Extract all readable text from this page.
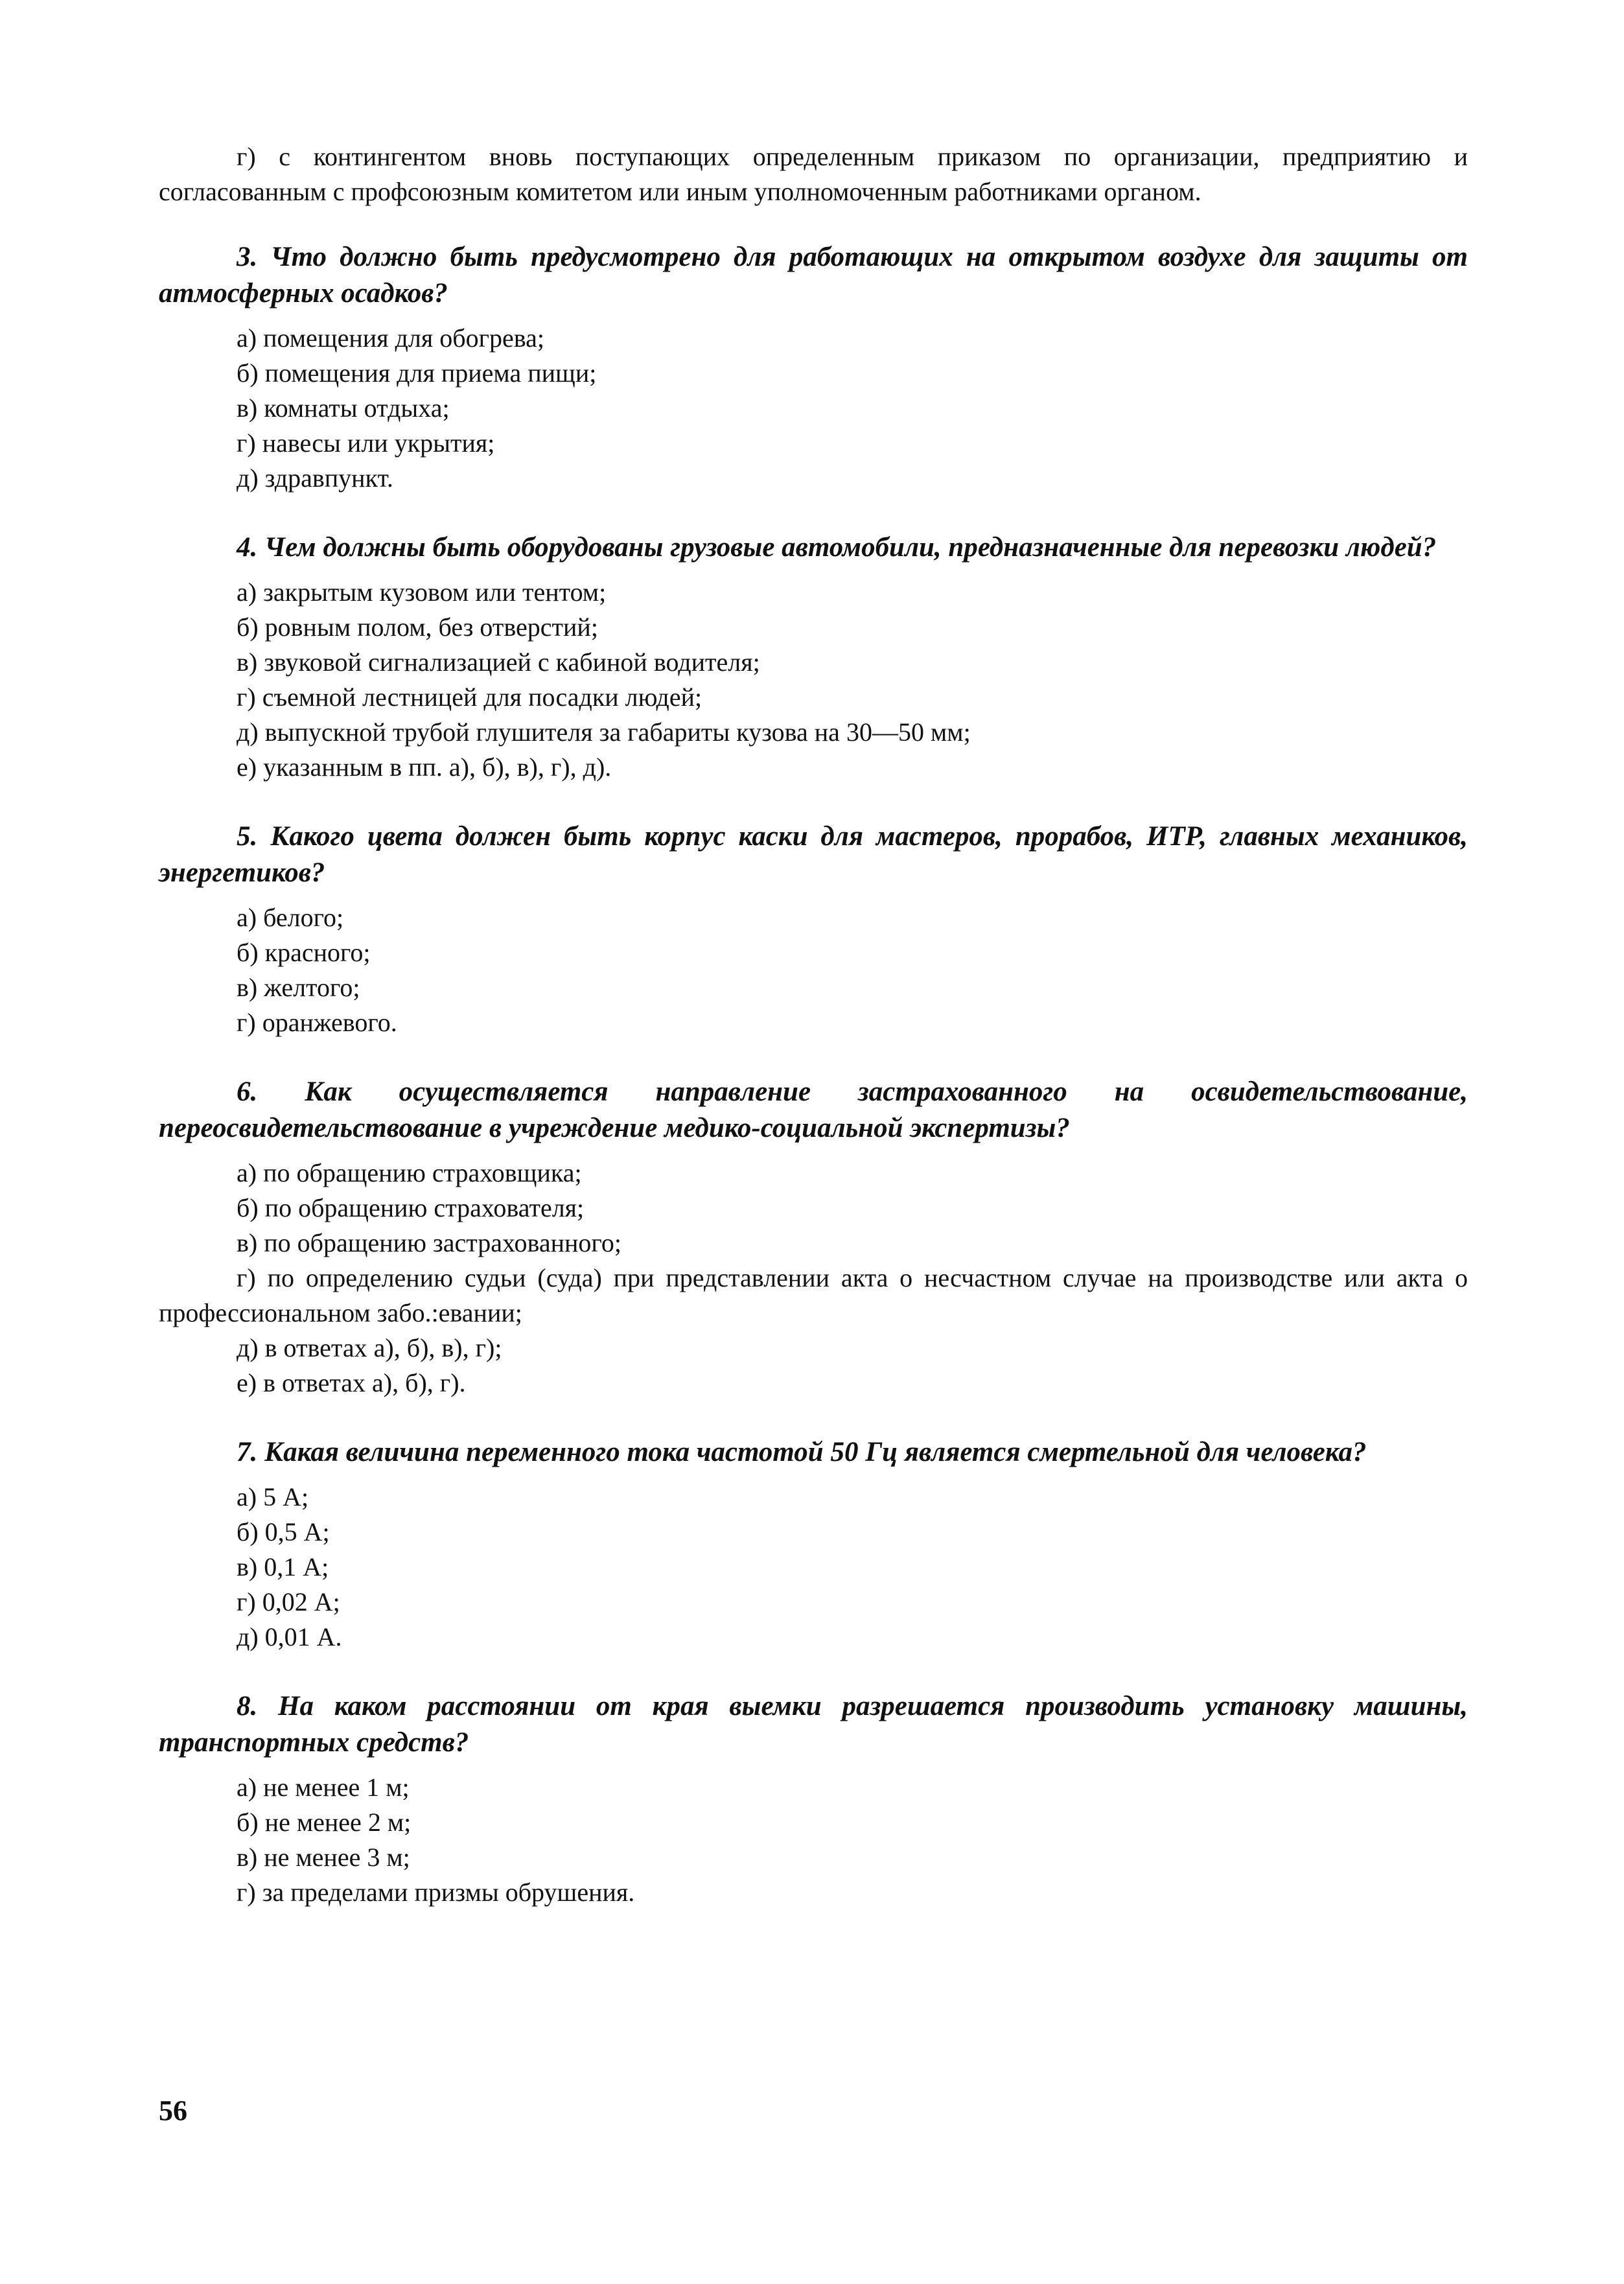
г) с контингентом вновь поступающих определенным приказом по организации, предприятию и согласованным с профсоюзным комитетом или иным уполномоченным работниками органом.

3. Что должно быть предусмотрено для работающих на открытом воздухе для защиты от атмосферных осадков?

а) помещения для обогрева;
б) помещения для приема пищи;
в) комнаты отдыха;
г) навесы или укрытия;
д) здравпункт.

4. Чем должны быть оборудованы грузовые автомобили, предназначенные для перевозки людей?

а) закрытым кузовом или тентом;
б) ровным полом, без отверстий;
в) звуковой сигнализацией с кабиной водителя;
г) съемной лестницей для посадки людей;
д) выпускной трубой глушителя за габариты кузова на 30—50 мм;
е) указанным в пп. а), б), в), г), д).

5. Какого цвета должен быть корпус каски для мастеров, прорабов, ИТР, главных механиков, энергетиков?

а) белого;
б) красного;
в) желтого;
г) оранжевого.

6. Как осуществляется направление застрахованного на освидетельствование, переосвидетельствование в учреждение медико-социальной экспертизы?

а) по обращению страховщика;
б) по обращению страхователя;
в) по обращению застрахованного;
г) по определению судьи (суда) при представлении акта о несчастном случае на производстве или акта о профессиональном забо.:евании;
д) в ответах а), б), в), г);
е) в ответах а), б), г).

7. Какая величина переменного тока частотой 50 Гц является смертельной для человека?

а) 5 А;
б) 0,5 А;
в) 0,1 А;
г) 0,02 А;
д) 0,01 А.

8. На каком расстоянии от края выемки разрешается производить установку машины, транспортных средств?

а) не менее 1 м;
б) не менее 2 м;
в) не менее 3 м;
г) за пределами призмы обрушения.
56
